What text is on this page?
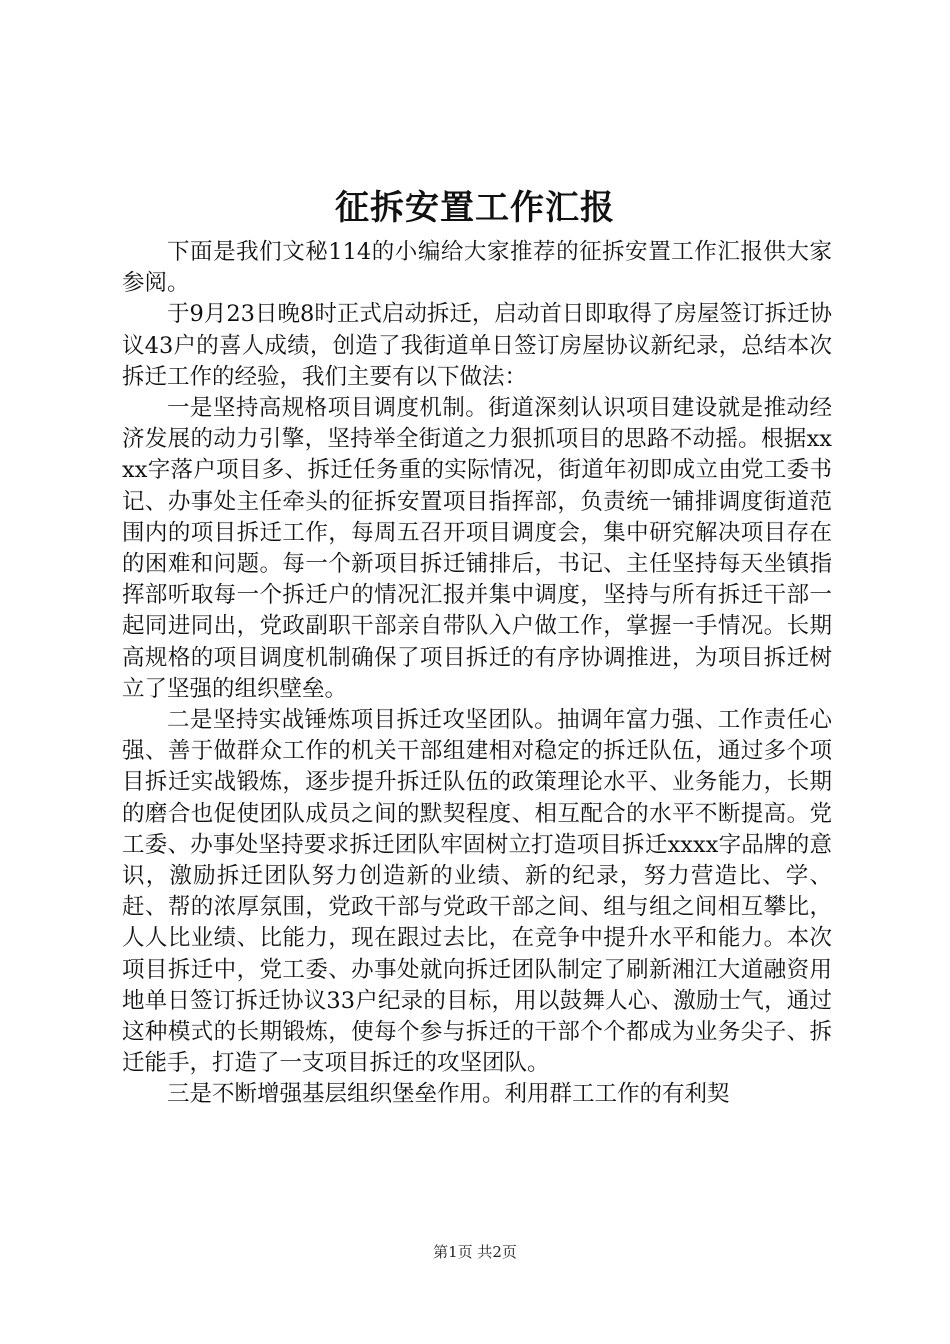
征拆安置工作汇报

下面是我们文秘114的小编给大家推荐的征拆安置工作汇报供大家参阅。

于9月23日晚8时正式启动拆迁，启动首日即取得了房屋签订拆迁协议43户的喜人成绩，创造了我街道单日签订房屋协议新纪录，总结本次拆迁工作的经验，我们主要有以下做法：

一是坚持高规格项目调度机制。街道深刻认识项目建设就是推动经济发展的动力引擎，坚持举全街道之力狠抓项目的思路不动摇。根据xxxx字落户项目多、拆迁任务重的实际情况，街道年初即成立由党工委书记、办事处主任牵头的征拆安置项目指挥部，负责统一铺排调度街道范围内的项目拆迁工作，每周五召开项目调度会，集中研究解决项目存在的困难和问题。每一个新项目拆迁铺排后，书记、主任坚持每天坐镇指挥部听取每一个拆迁户的情况汇报并集中调度，坚持与所有拆迁干部一起同进同出，党政副职干部亲自带队入户做工作，掌握一手情况。长期高规格的项目调度机制确保了项目拆迁的有序协调推进，为项目拆迁树立了坚强的组织壁垒。

二是坚持实战锤炼项目拆迁攻坚团队。抽调年富力强、工作责任心强、善于做群众工作的机关干部组建相对稳定的拆迁队伍，通过多个项目拆迁实战锻炼，逐步提升拆迁队伍的政策理论水平、业务能力，长期的磨合也促使团队成员之间的默契程度、相互配合的水平不断提高。党工委、办事处坚持要求拆迁团队牢固树立打造项目拆迁xxxx字品牌的意识，激励拆迁团队努力创造新的业绩、新的纪录，努力营造比、学、赶、帮的浓厚氛围，党政干部与党政干部之间、组与组之间相互攀比，人人比业绩、比能力，现在跟过去比，在竞争中提升水平和能力。本次项目拆迁中，党工委、办事处就向拆迁团队制定了刷新湘江大道融资用地单日签订拆迁协议33户纪录的目标，用以鼓舞人心、激励士气，通过这种模式的长期锻炼，使每个参与拆迁的干部个个都成为业务尖子、拆迁能手，打造了一支项目拆迁的攻坚团队。

三是不断增强基层组织堡垒作用。利用群工工作的有利契

第1页 共2页
